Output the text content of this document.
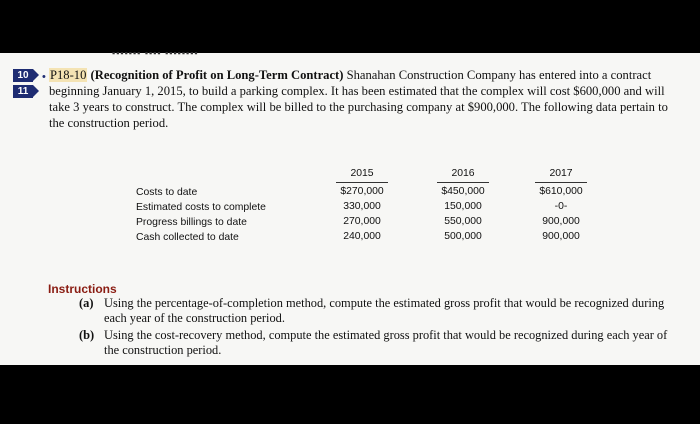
▪▪▪▪▪▪▪ ▪▪▪▪ ▪▪▪▪▪▪▪▪
10
11
• P18-10 (Recognition of Profit on Long-Term Contract) Shanahan Construction Company has entered into a contract beginning January 1, 2015, to build a parking complex. It has been estimated that the complex will cost $600,000 and will take 3 years to construct. The complex will be billed to the purchasing company at $900,000. The following data pertain to the construction period.
Costs to date
Estimated costs to complete
Progress billings to date
Cash collected to date
2015
$270,000
330,000
270,000
240,000
2016
$450,000
150,000
550,000
500,000
2017
$610,000
-0-
900,000
900,000
Instructions
(a) Using the percentage-of-completion method, compute the estimated gross profit that would be recognized during each year of the construction period.
(b) Using the cost-recovery method, compute the estimated gross profit that would be recognized during each year of the construction period.
